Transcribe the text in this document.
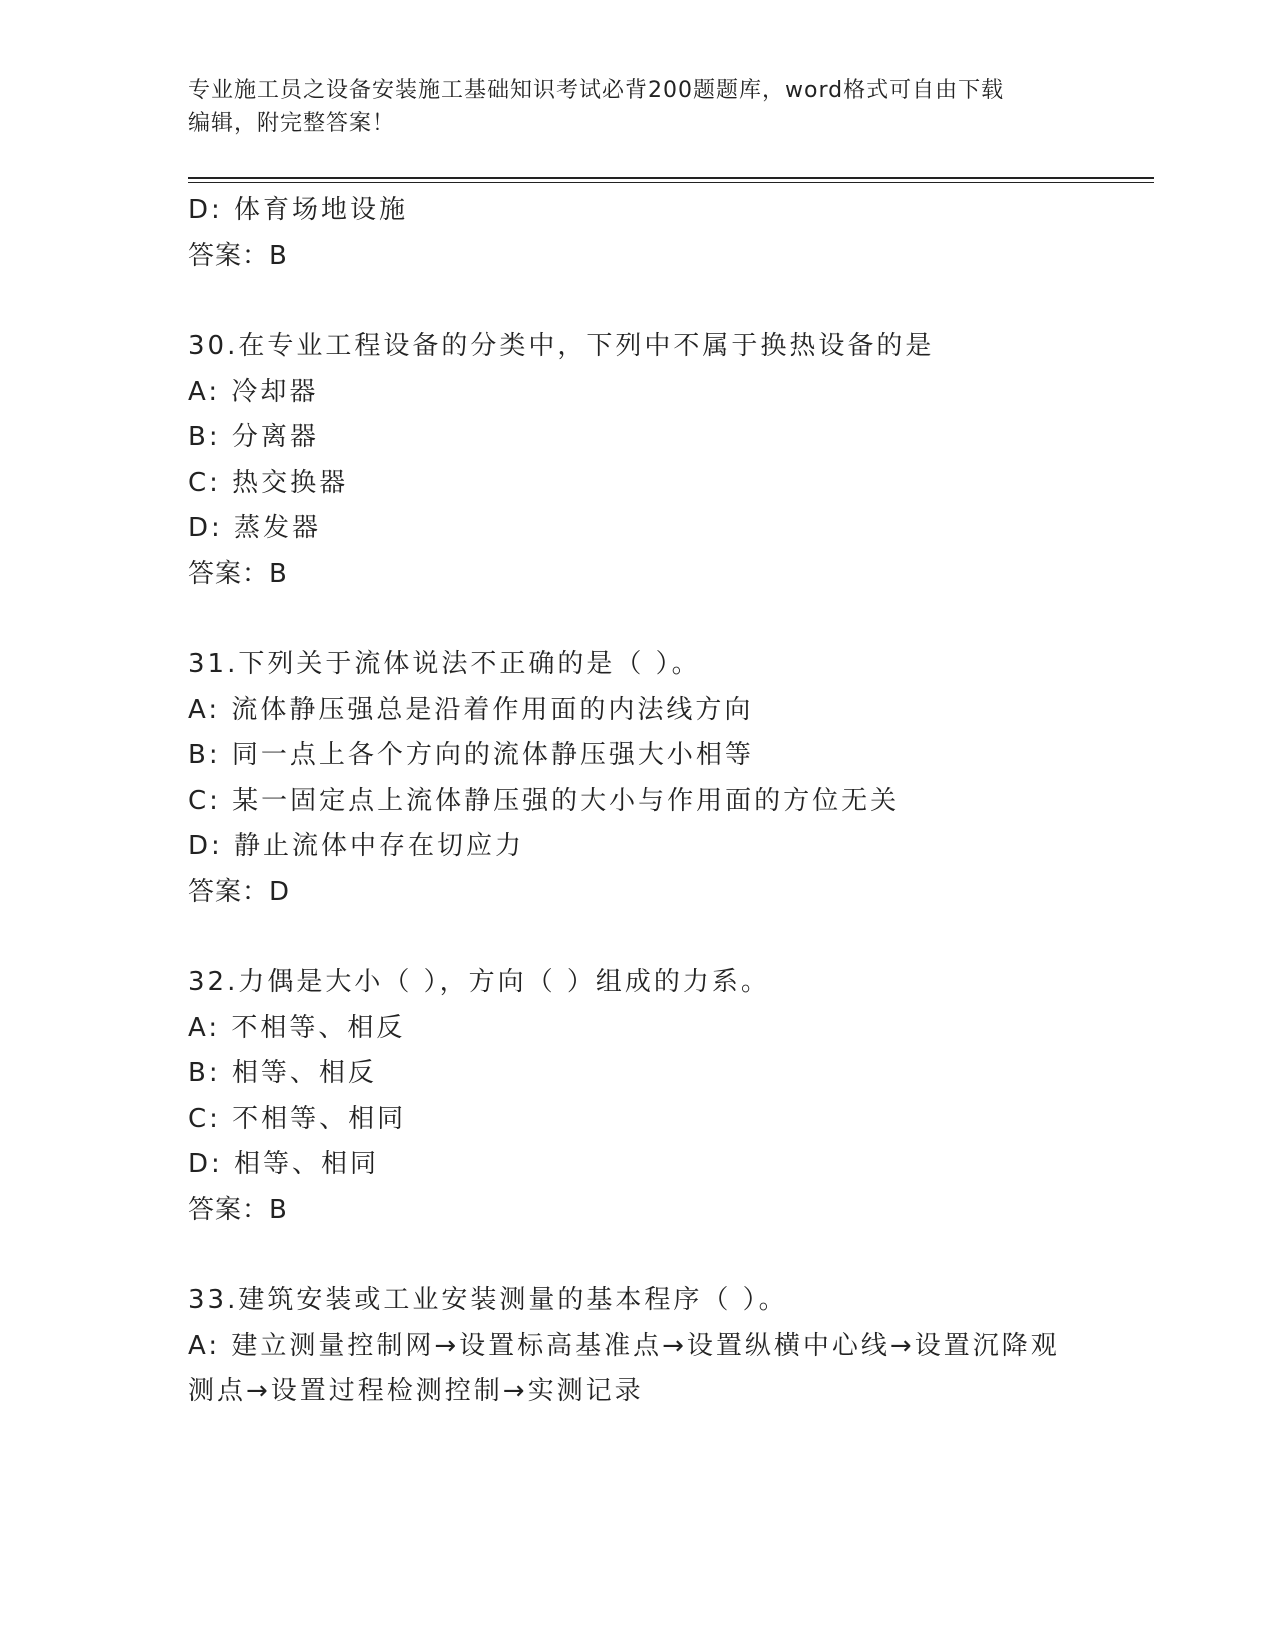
专业施工员之设备安装施工基础知识考试必背200题题库，word格式可自由下载
编辑，附完整答案！
D: 体育场地设施
答案：B
30.在专业工程设备的分类中，下列中不属于换热设备的是
A: 冷却器
B: 分离器
C: 热交换器
D: 蒸发器
答案：B
31.下列关于流体说法不正确的是（ ）。
A: 流体静压强总是沿着作用面的内法线方向
B: 同一点上各个方向的流体静压强大小相等
C: 某一固定点上流体静压强的大小与作用面的方位无关
D: 静止流体中存在切应力
答案：D
32.力偶是大小（ ），方向（ ）组成的力系。
A: 不相等、相反
B: 相等、相反
C: 不相等、相同
D: 相等、相同
答案：B
33.建筑安装或工业安装测量的基本程序（ ）。
A: 建立测量控制网→设置标高基准点→设置纵横中心线→设置沉降观
测点→设置过程检测控制→实测记录
